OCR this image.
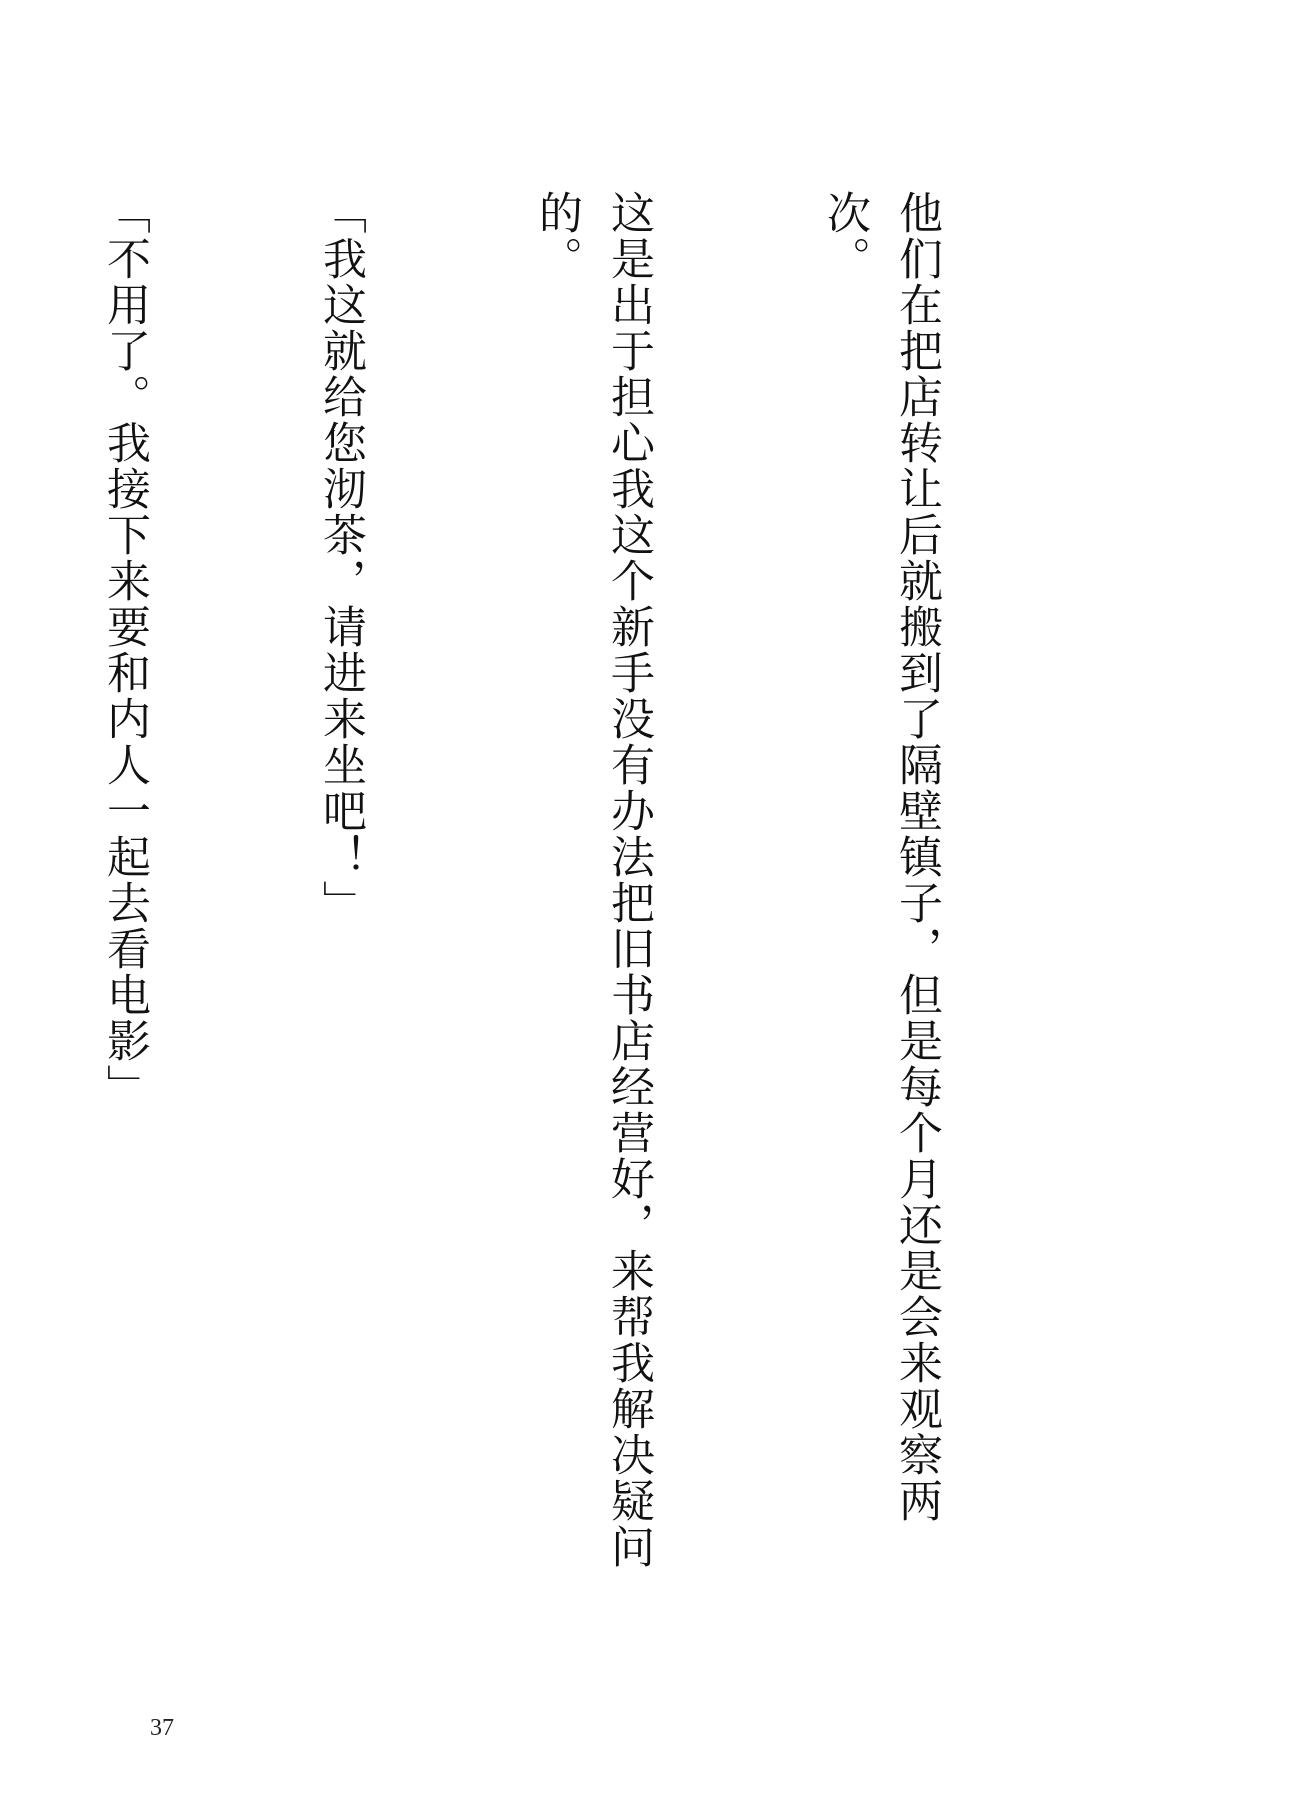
他们在把店转让后就搬到了隔壁镇子，但是每个月还是会来观察两次。

这是出于担心我这个新手没有办法把旧书店经营好，来帮我解决疑问的。

「我这就给您沏茶，请进来坐吧！」

「不用了。我接下来要和内人一起去看电影」

37
